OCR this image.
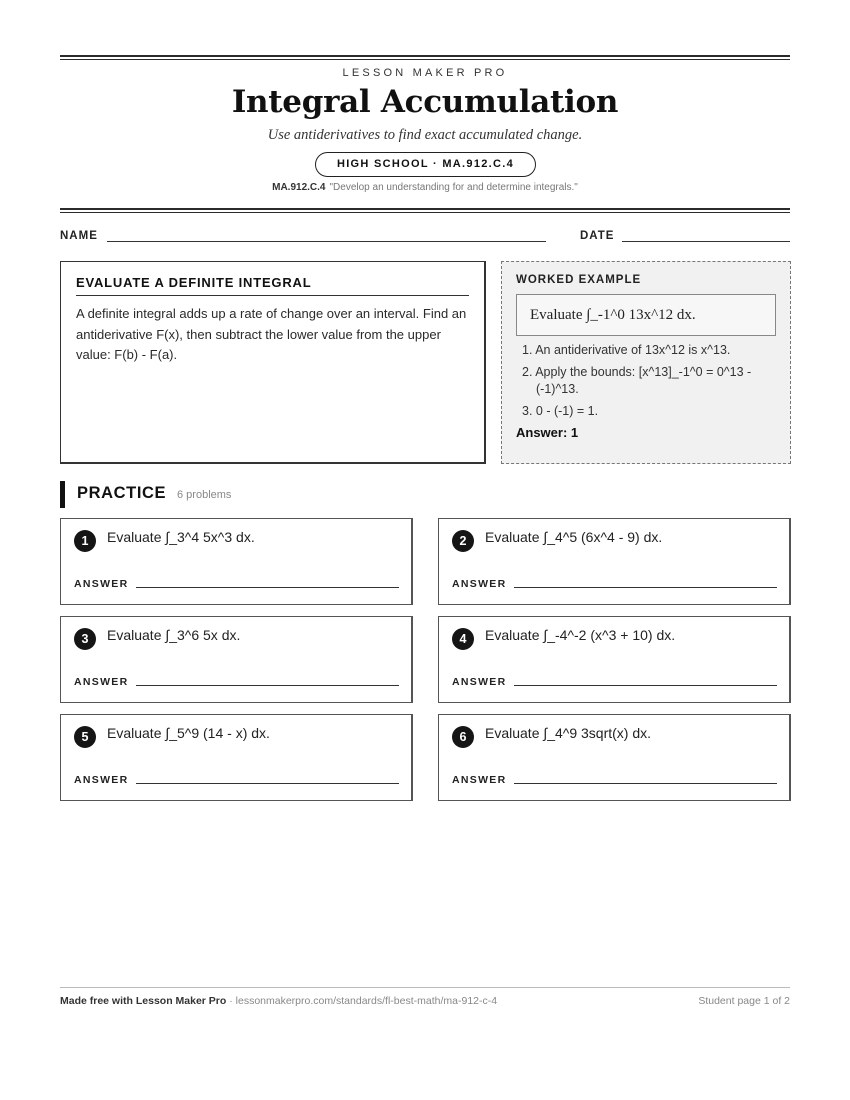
LESSON MAKER PRO
Integral Accumulation
Use antiderivatives to find exact accumulated change.
HIGH SCHOOL · MA.912.C.4
MA.912.C.4 "Develop an understanding for and determine integrals."
NAME	DATE
EVALUATE A DEFINITE INTEGRAL
A definite integral adds up a rate of change over an interval. Find an antiderivative F(x), then subtract the lower value from the upper value: F(b) - F(a).
WORKED EXAMPLE
Evaluate ∫_-1^0 13x^12 dx.
1. An antiderivative of 13x^12 is x^13.
2. Apply the bounds: [x^13]_-1^0 = 0^13 - (-1)^13.
3. 0 - (-1) = 1.
Answer: 1
PRACTICE 6 problems
1	Evaluate ∫_3^4 5x^3 dx.
ANSWER
2	Evaluate ∫_4^5 (6x^4 - 9) dx.
ANSWER
3	Evaluate ∫_3^6 5x dx.
ANSWER
4	Evaluate ∫_-4^-2 (x^3 + 10) dx.
ANSWER
5	Evaluate ∫_5^9 (14 - x) dx.
ANSWER
6	Evaluate ∫_4^9 3sqrt(x) dx.
ANSWER
Made free with Lesson Maker Pro · lessonmakerpro.com/standards/fl-best-math/ma-912-c-4	Student page 1 of 2
